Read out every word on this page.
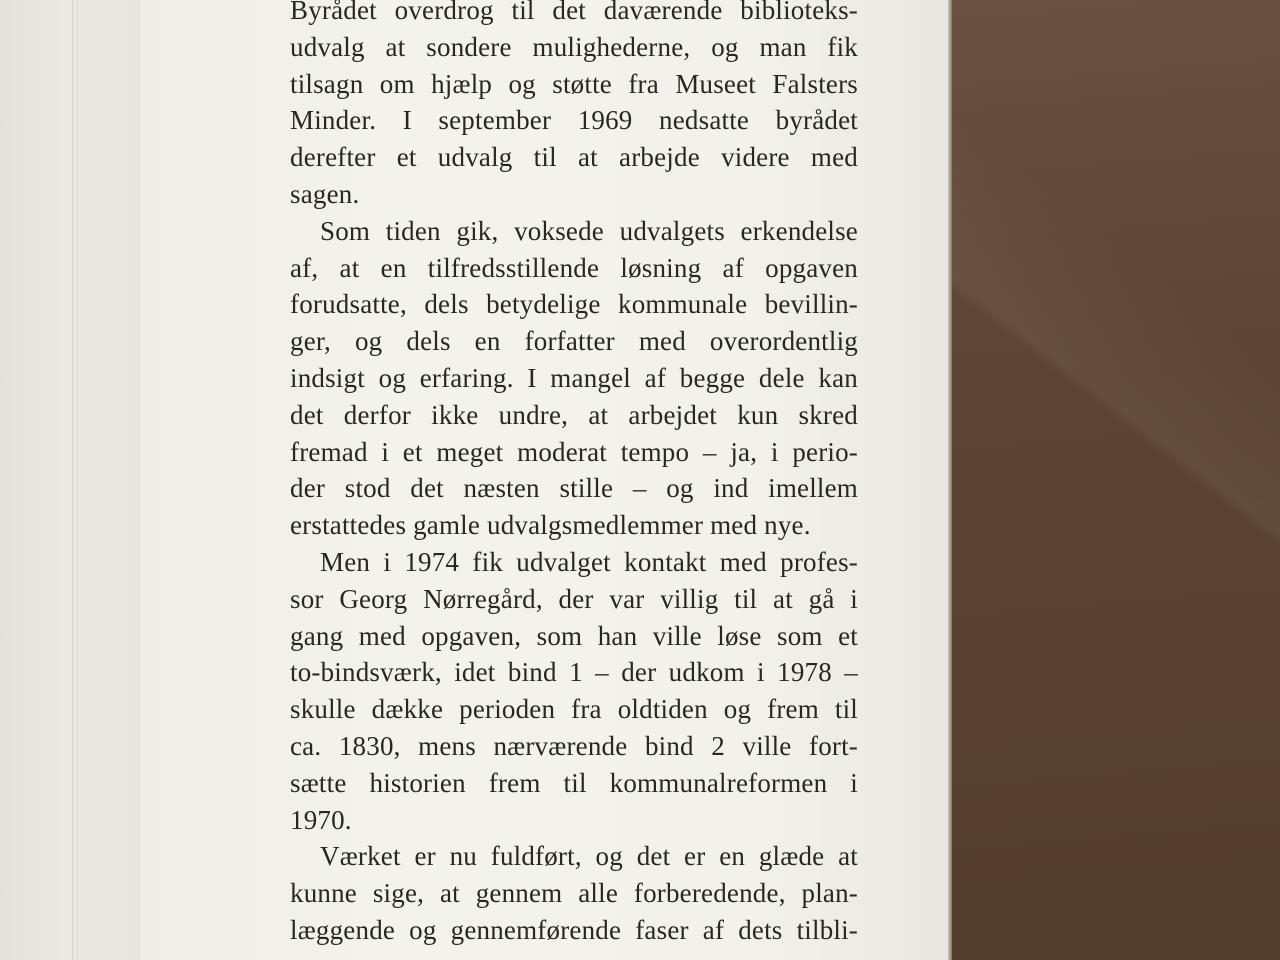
Byrådet overdrog til det daværende biblioteks-
udvalg at sondere mulighederne, og man fik
tilsagn om hjælp og støtte fra Museet Falsters
Minder. I september 1969 nedsatte byrådet
derefter et udvalg til at arbejde videre med
sagen.

Som tiden gik, voksede udvalgets erkendelse
af, at en tilfredsstillende løsning af opgaven
forudsatte, dels betydelige kommunale bevillin-
ger, og dels en forfatter med overordentlig
indsigt og erfaring. I mangel af begge dele kan
det derfor ikke undre, at arbejdet kun skred
fremad i et meget moderat tempo – ja, i perio-
der stod det næsten stille – og ind imellem
erstattedes gamle udvalgsmedlemmer med nye.

Men i 1974 fik udvalget kontakt med profes-
sor Georg Nørregård, der var villig til at gå i
gang med opgaven, som han ville løse som et
to-bindsværk, idet bind 1 – der udkom i 1978 –
skulle dække perioden fra oldtiden og frem til
ca. 1830, mens nærværende bind 2 ville fort-
sætte historien frem til kommunalreformen i
1970.

Værket er nu fuldført, og det er en glæde at
kunne sige, at gennem alle forberedende, plan-
læggende og gennemførende faser af dets tilbli-
